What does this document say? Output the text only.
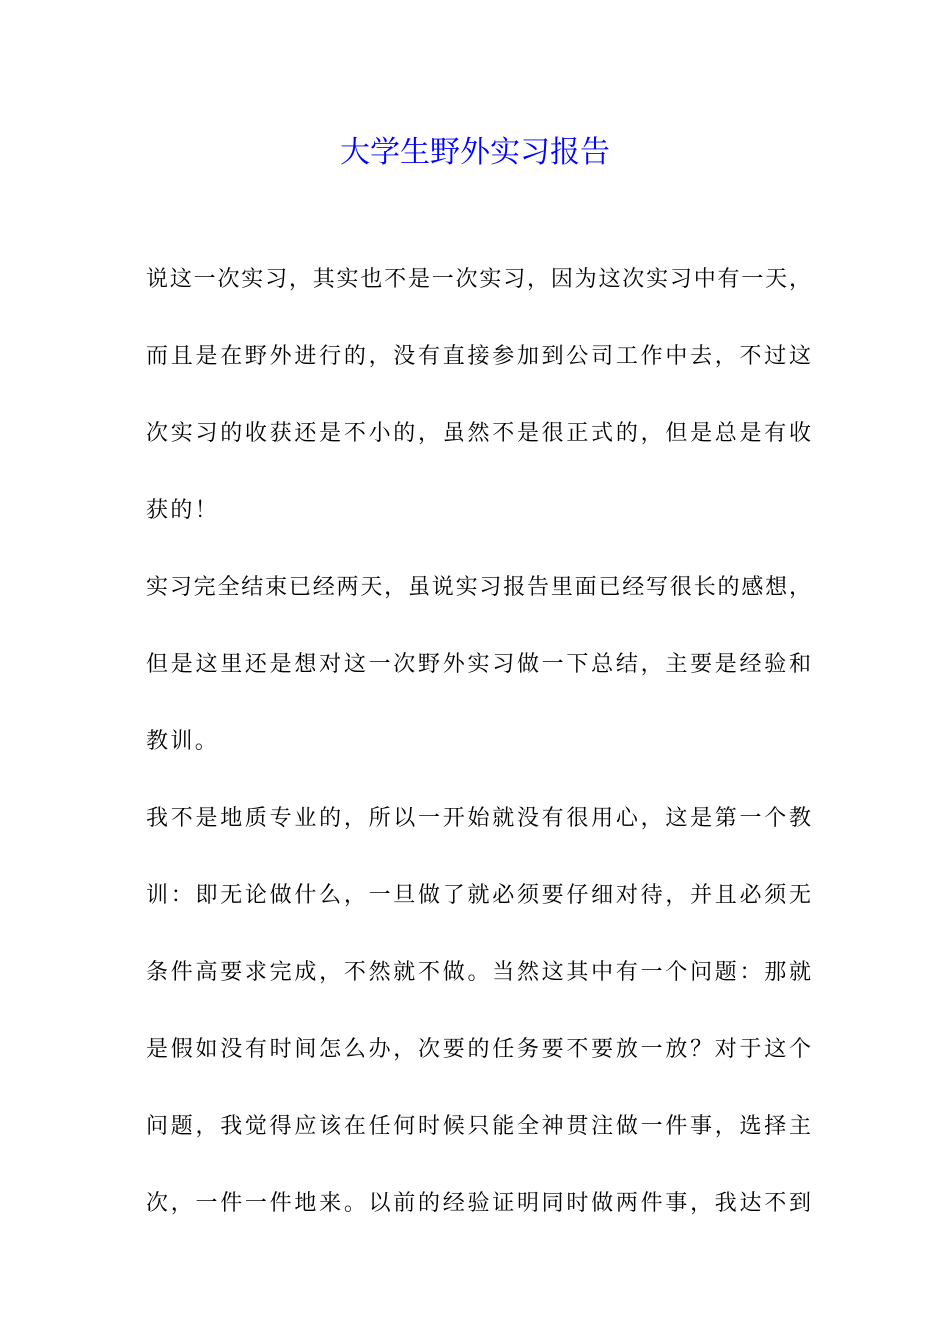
大学生野外实习报告
说这一次实习，其实也不是一次实习，因为这次实习中有一天，
而且是在野外进行的，没有直接参加到公司工作中去，不过这
次实习的收获还是不小的，虽然不是很正式的，但是总是有收
获的！
实习完全结束已经两天，虽说实习报告里面已经写很长的感想，
但是这里还是想对这一次野外实习做一下总结，主要是经验和
教训。
我不是地质专业的，所以一开始就没有很用心，这是第一个教
训：即无论做什么，一旦做了就必须要仔细对待，并且必须无
条件高要求完成，不然就不做。当然这其中有一个问题：那就
是假如没有时间怎么办，次要的任务要不要放一放？对于这个
问题，我觉得应该在任何时候只能全神贯注做一件事，选择主
次，一件一件地来。以前的经验证明同时做两件事，我达不到
